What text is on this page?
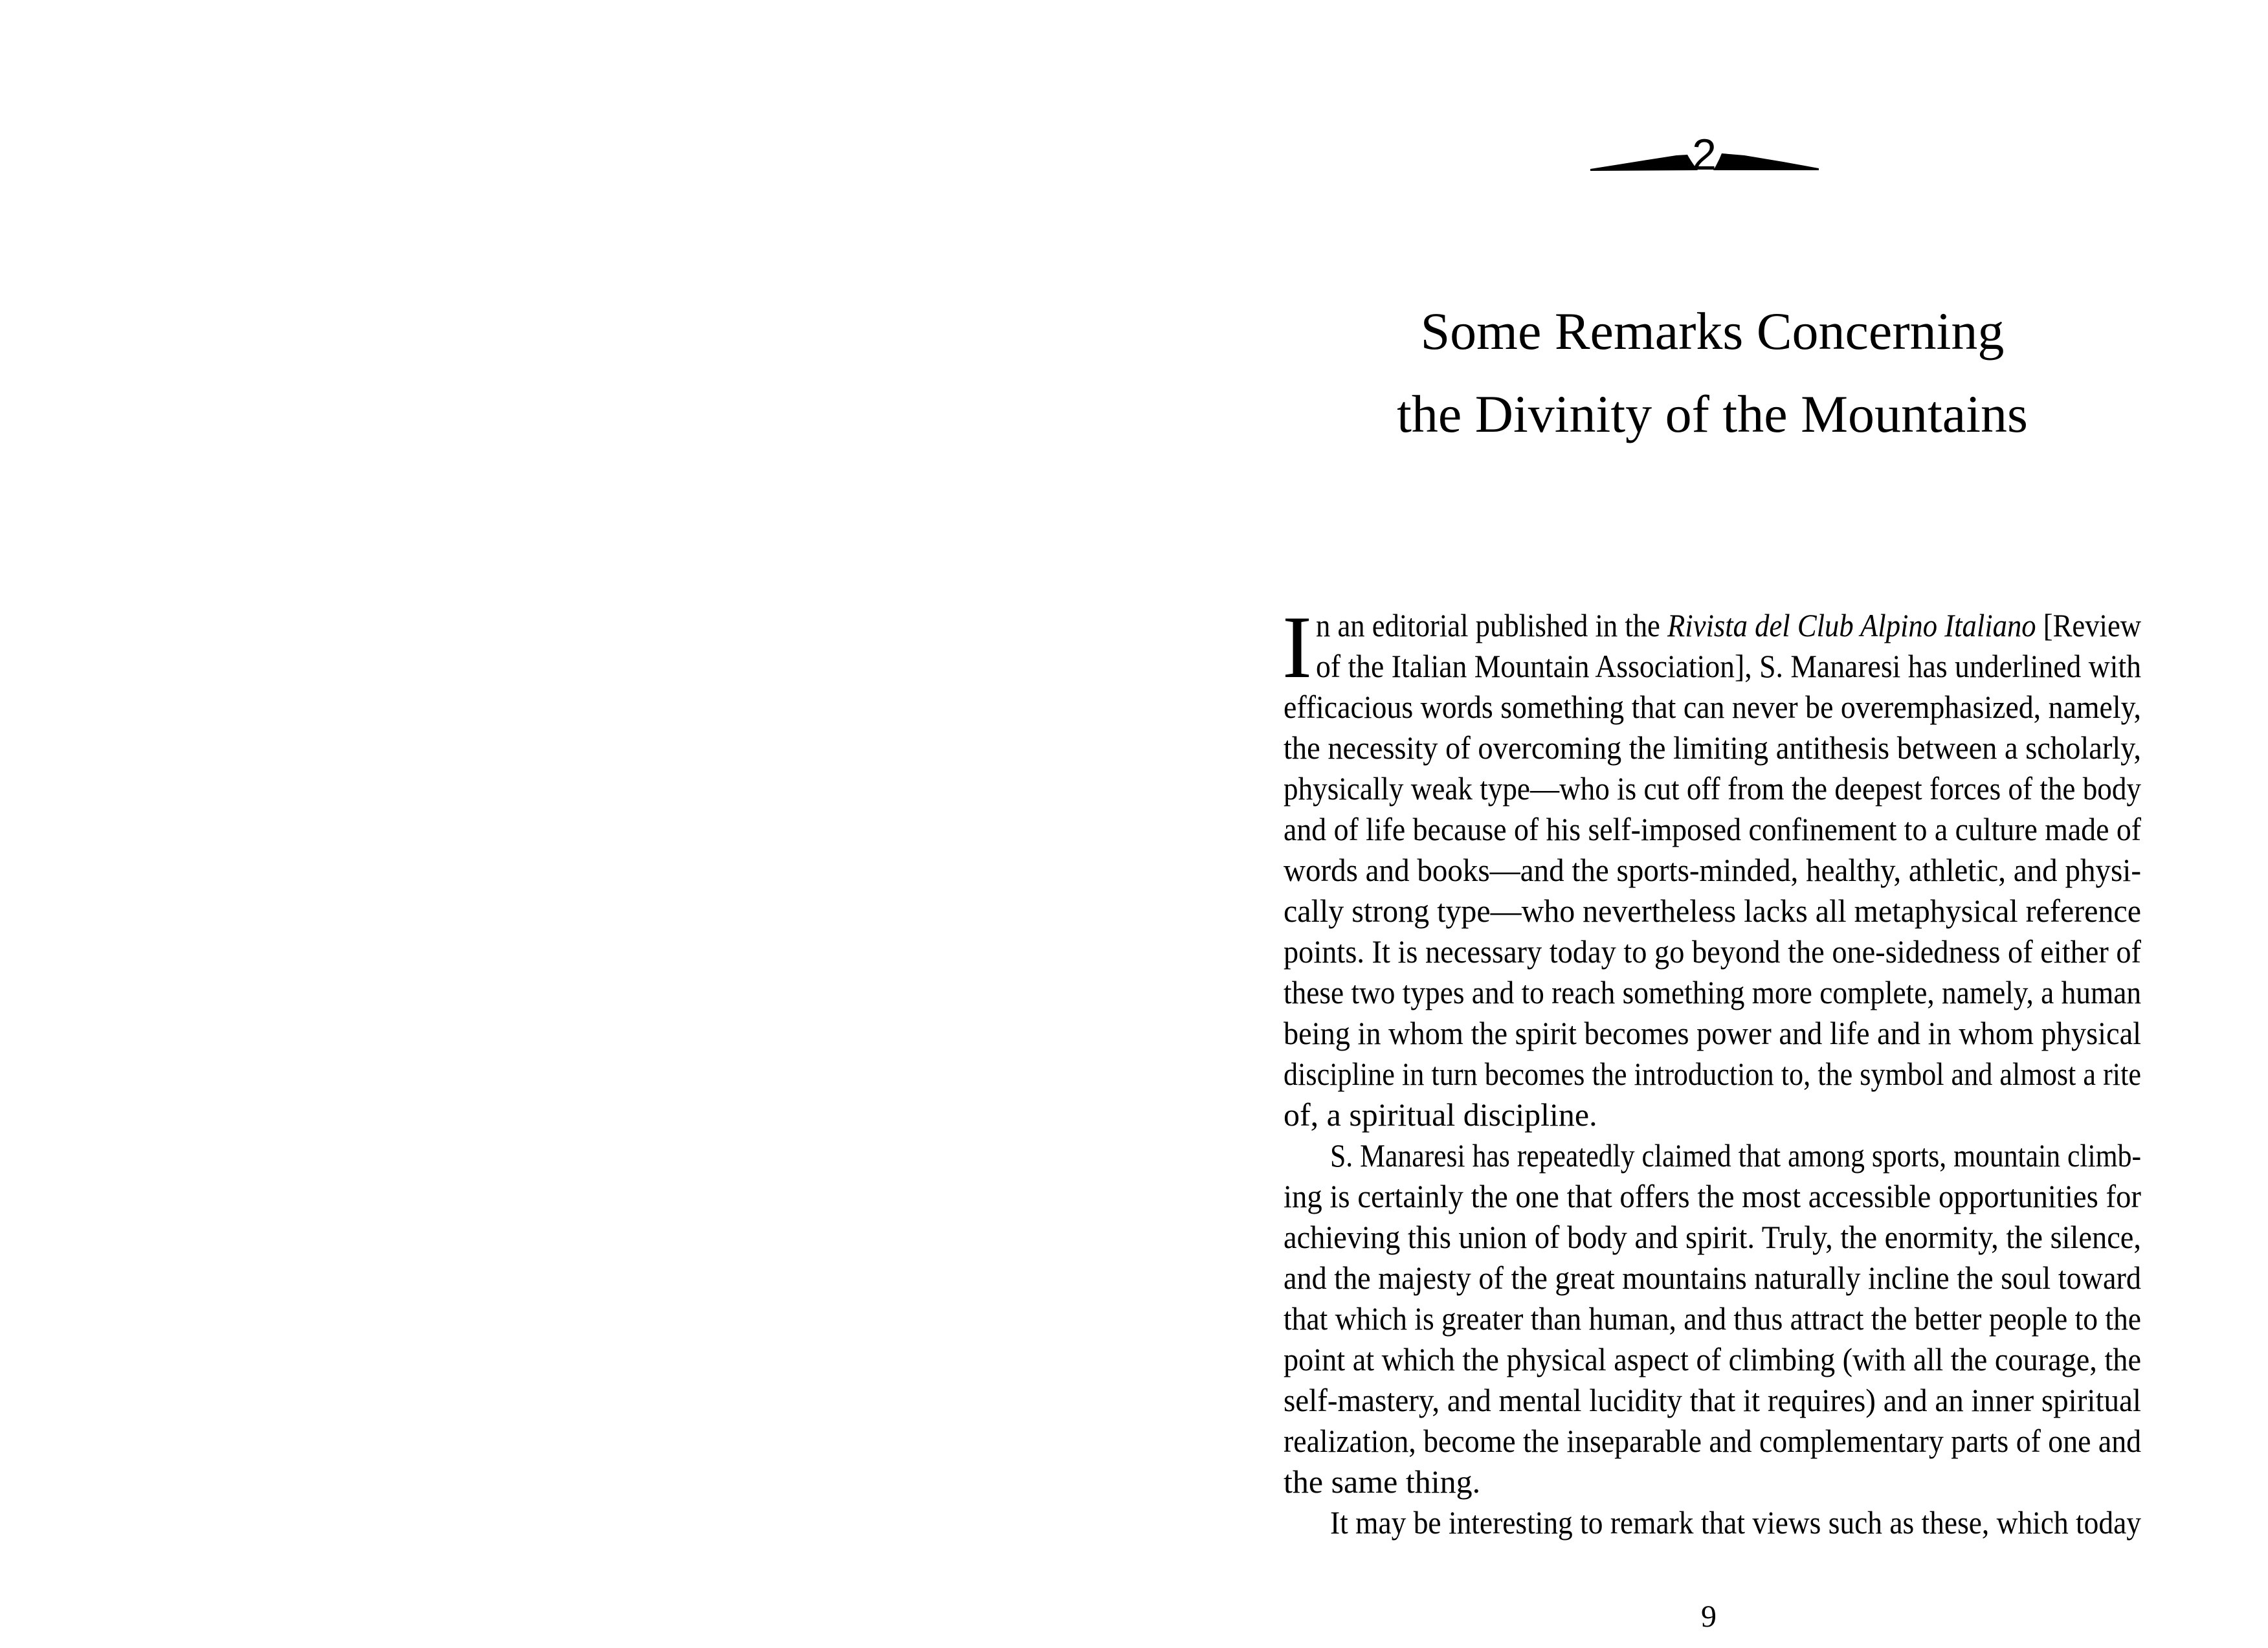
2
Some Remarks Concerning
the Divinity of the Mountains
I n an editorial published in the Rivista del Club Alpino Italiano [Review
of the Italian Mountain Association], S. Manaresi has underlined with
efficacious words something that can never be overemphasized, namely,
the necessity of overcoming the limiting antithesis between a scholarly,
physically weak type—who is cut off from the deepest forces of the body
and of life because of his self-imposed confinement to a culture made of
words and books—and the sports-minded, healthy, athletic, and physi-
cally strong type—who nevertheless lacks all metaphysical reference
points. It is necessary today to go beyond the one-sidedness of either of
these two types and to reach something more complete, namely, a human
being in whom the spirit becomes power and life and in whom physical
discipline in turn becomes the introduction to, the symbol and almost a rite
of, a spiritual discipline.
S. Manaresi has repeatedly claimed that among sports, mountain climb-
ing is certainly the one that offers the most accessible opportunities for
achieving this union of body and spirit. Truly, the enormity, the silence,
and the majesty of the great mountains naturally incline the soul toward
that which is greater than human, and thus attract the better people to the
point at which the physical aspect of climbing (with all the courage, the
self-mastery, and mental lucidity that it requires) and an inner spiritual
realization, become the inseparable and complementary parts of one and
the same thing.
It may be interesting to remark that views such as these, which today
9
